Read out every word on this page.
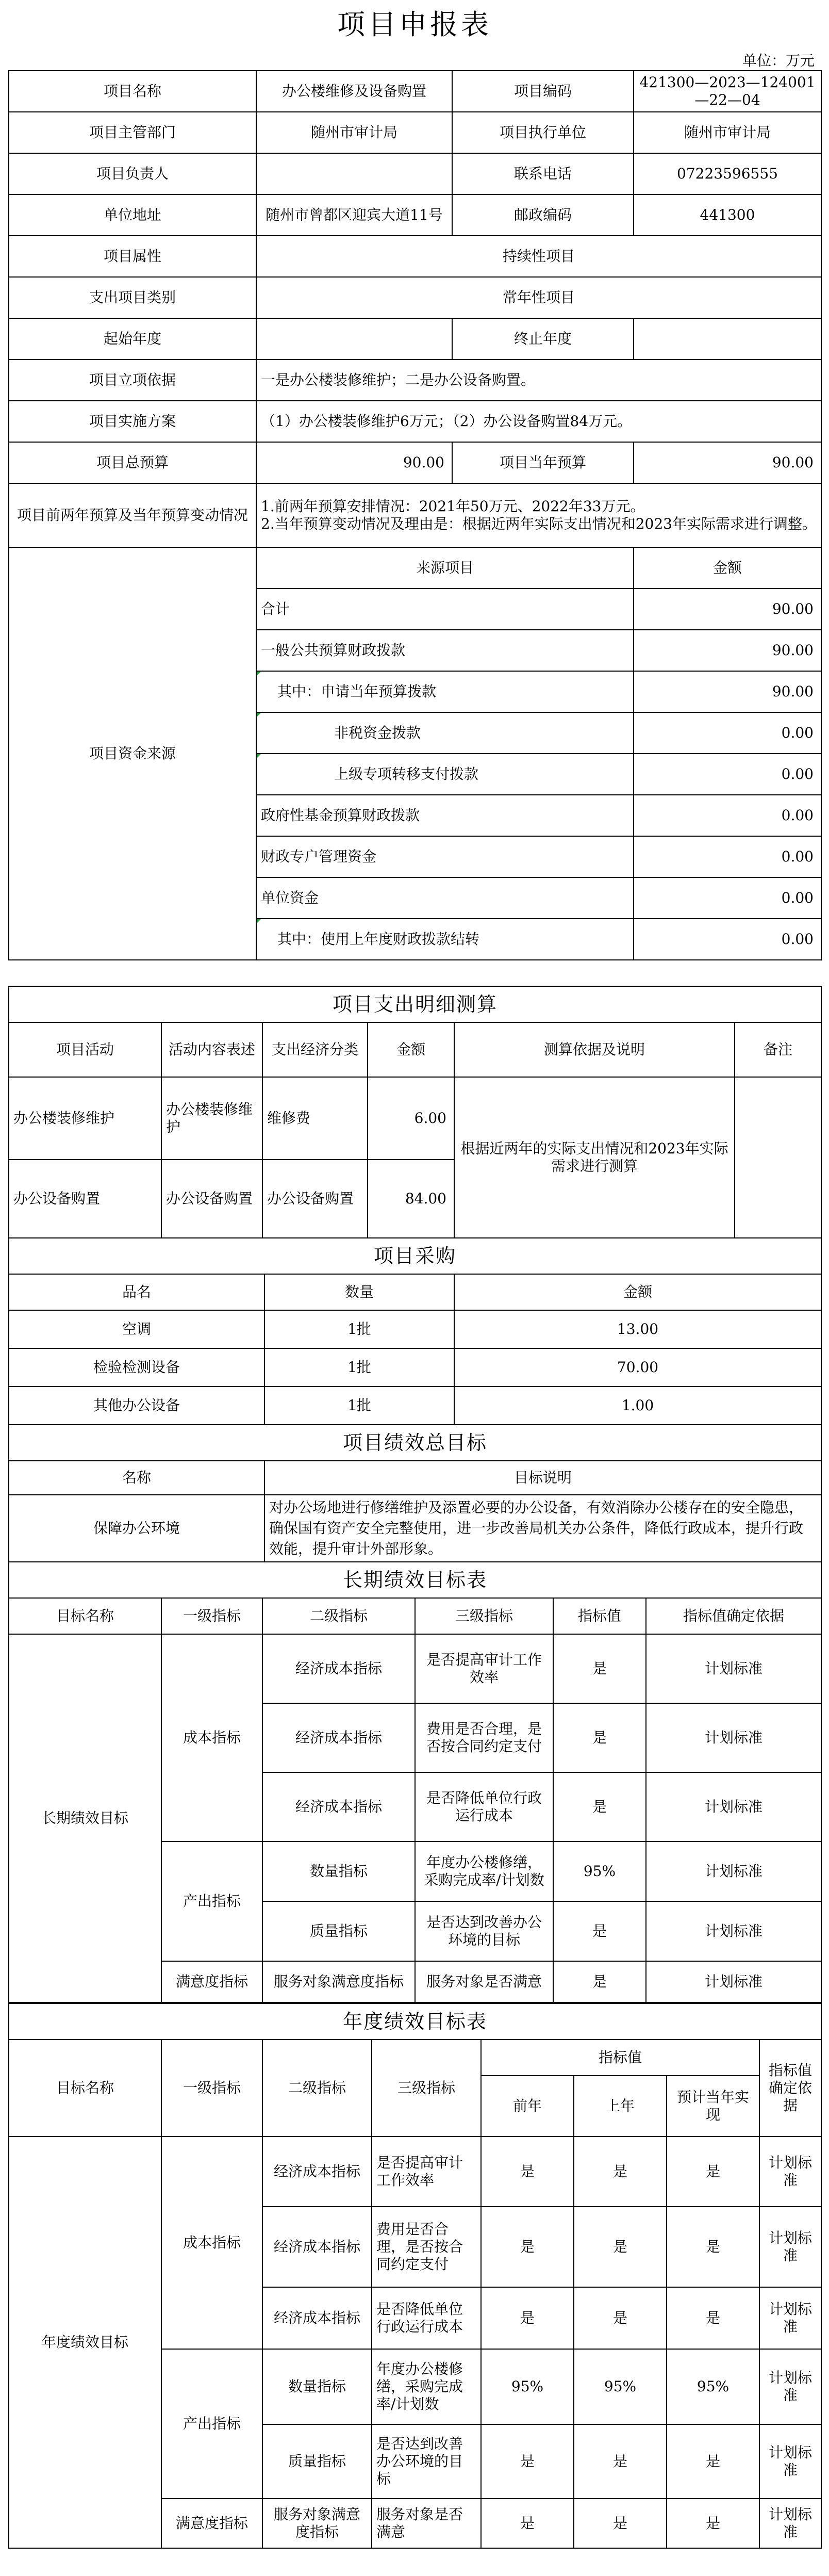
项目申报表
单位：万元
项目名称	办公楼维修及设备购置	项目编码	421300—2023—124001—22—04
项目主管部门	随州市审计局	项目执行单位	随州市审计局
项目负责人		联系电话	07223596555
单位地址	随州市曾都区迎宾大道11号	邮政编码	441300
项目属性	持续性项目		
支出项目类别	常年性项目		
起始年度		终止年度	
项目立项依据	一是办公楼装修维护；二是办公设备购置。		
项目实施方案	（1）办公楼装修维护6万元；（2）办公设备购置84万元。		
项目总预算	90.00	项目当年预算	90.00
项目前两年预算及当年预算变动情况	1.前两年预算安排情况：2021年50万元、2022年33万元。
2.当年预算变动情况及理由是：根据近两年实际支出情况和2023年实际需求进行调整。		

项目资金来源	来源项目		金额
	合计		90.00
	一般公共预算财政拨款		90.00
	其中：申请当年预算拨款		90.00
	非税资金拨款		0.00
	上级专项转移支付拨款		0.00
	政府性基金预算财政拨款		0.00
	财政专户管理资金		0.00
	单位资金		0.00
	其中：使用上年度财政拨款结转		0.00
项目支出明细测算					
项目活动	活动内容表述	支出经济分类	金额	测算依据及说明	备注
办公楼装修维护	办公楼装修维护	维修费	6.00	根据近两年的实际支出情况和2023年实际需求进行测算	
办公设备购置	办公设备购置	办公设备购置	84.00		
项目采购		
品名	数量	金额
空调	1批	13.00
检验检测设备	1批	70.00
其他办公设备	1批	1.00
项目绩效总目标	
名称	目标说明
保障办公环境	对办公场地进行修缮维护及添置必要的办公设备，有效消除办公楼存在的安全隐患，确保国有资产安全完整使用，进一步改善局机关办公条件，降低行政成本，提升行政效能，提升审计外部形象。
长期绩效目标表					
目标名称	一级指标	二级指标	三级指标	指标值	指标值确定依据
长期绩效目标	成本指标	经济成本指标	是否提高审计工作效率	是	计划标准
		经济成本指标	费用是否合理，是否按合同约定支付	是	计划标准
		经济成本指标	是否降低单位行政运行成本	是	计划标准
	产出指标	数量指标	年度办公楼修缮，采购完成率/计划数	95%	计划标准
		质量指标	是否达到改善办公环境的目标	是	计划标准
	满意度指标	服务对象满意度指标	服务对象是否满意	是	计划标准
年度绩效目标表							
目标名称	一级指标	二级指标	三级指标	指标值			指标值确定依据
				前年	上年	预计当年实现	
年度绩效目标	成本指标	经济成本指标	是否提高审计工作效率	是	是	是	计划标准
		经济成本指标	费用是否合理，是否按合同约定支付	是	是	是	计划标准
		经济成本指标	是否降低单位行政运行成本	是	是	是	计划标准
	产出指标	数量指标	年度办公楼修缮，采购完成率/计划数	95%	95%	95%	计划标准
		质量指标	是否达到改善办公环境的目标	是	是	是	计划标准
	满意度指标	服务对象满意度指标	服务对象是否满意	是	是	是	计划标准
